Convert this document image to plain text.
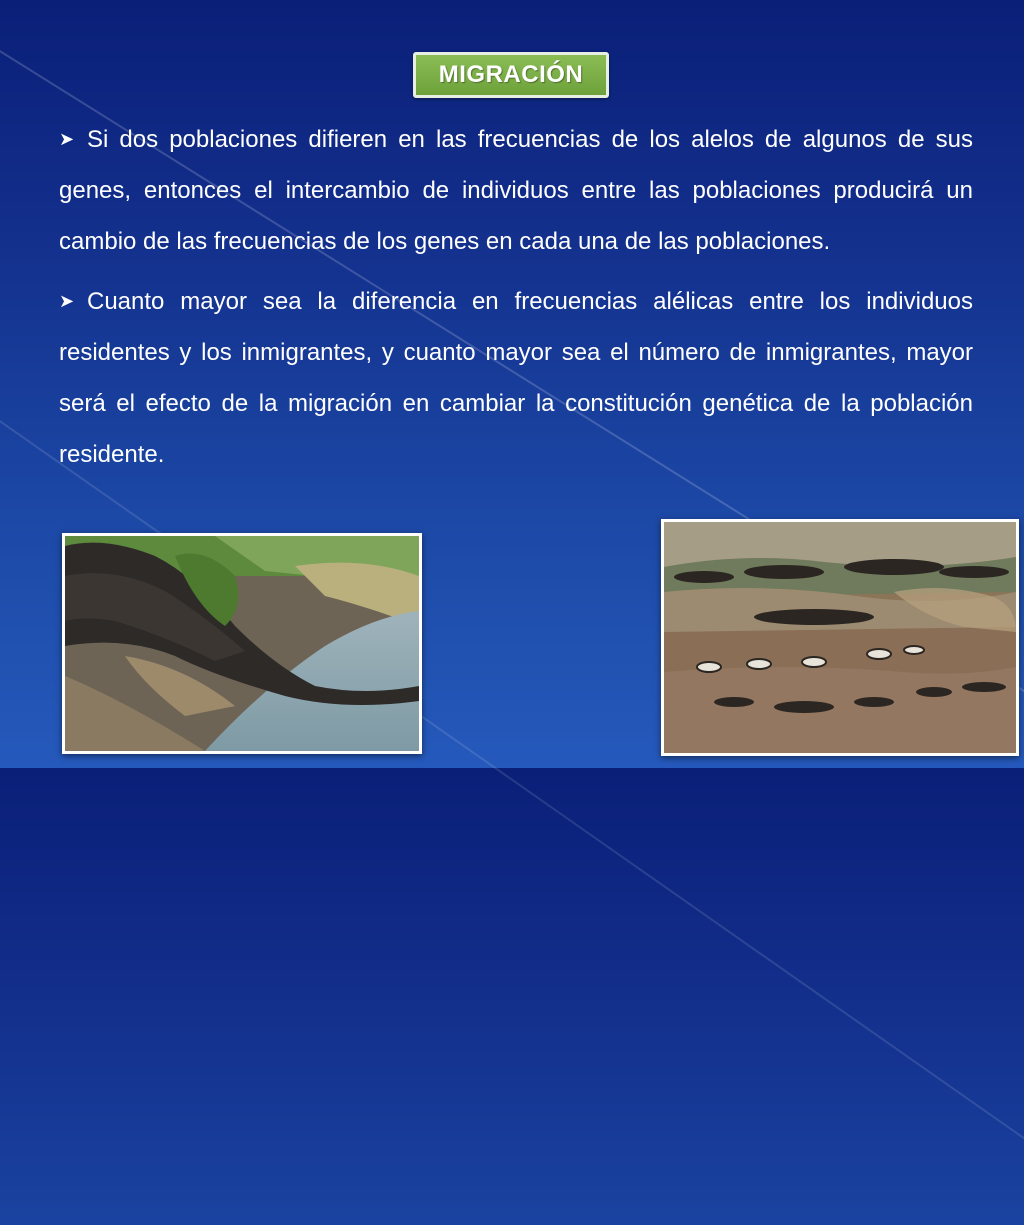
MIGRACIÓN

➤ Si dos poblaciones difieren en las frecuencias de los alelos de algunos de sus genes, entonces el intercambio de individuos entre las poblaciones producirá un cambio de las frecuencias de los genes en cada una de las poblaciones.

➤ Cuanto mayor sea la diferencia en frecuencias alélicas entre los individuos residentes y los inmigrantes, y cuanto mayor sea el número de inmigrantes, mayor será el efecto de la migración en cambiar la constitución genética de la población residente.
